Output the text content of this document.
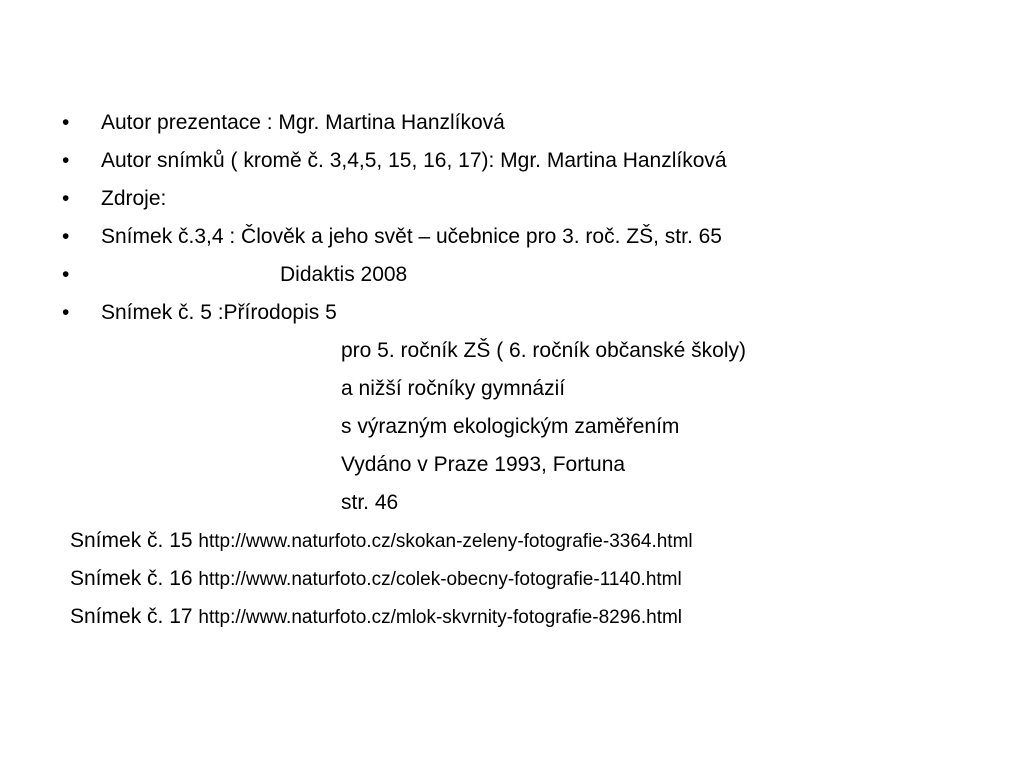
• Autor prezentace : Mgr. Martina Hanzlíková
• Autor snímků ( kromě č. 3,4,5, 15, 16, 17): Mgr. Martina Hanzlíková
• Zdroje:
• Snímek č.3,4 : Člověk a jeho svět – učebnice pro 3. roč. ZŠ, str. 65
•	Didaktis 2008
• Snímek č. 5 :Přírodopis 5
pro 5. ročník ZŠ ( 6. ročník občanské školy)
a nižší ročníky gymnázií
s výrazným ekologickým zaměřením
Vydáno v Praze 1993, Fortuna
str. 46
Snímek č. 15 http://www.naturfoto.cz/skokan-zeleny-fotografie-3364.html
Snímek č. 16 http://www.naturfoto.cz/colek-obecny-fotografie-1140.html
Snímek č. 17 http://www.naturfoto.cz/mlok-skvrnity-fotografie-8296.html
